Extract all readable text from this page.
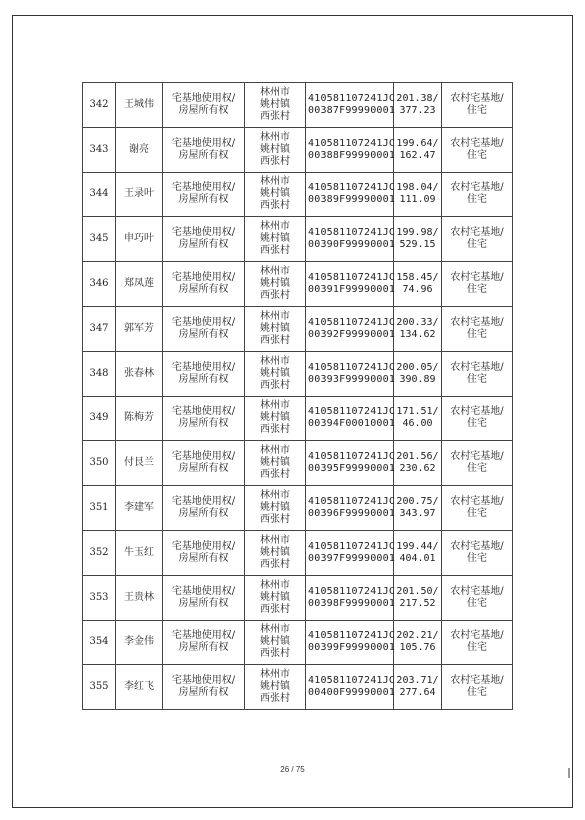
342	王城伟	宅基地使用权/
房屋所有权	林州市
姚村镇
西张村	410581107241JC
00387F99990001	201.38/
377.23	农村宅基地/
住宅

343	谢亮	宅基地使用权/
房屋所有权	林州市
姚村镇
西张村	410581107241JC
00388F99990001	199.64/
162.47	农村宅基地/
住宅

344	王录叶	宅基地使用权/
房屋所有权	林州市
姚村镇
西张村	410581107241JC
00389F99990001	198.04/
111.09	农村宅基地/
住宅

345	申巧叶	宅基地使用权/
房屋所有权	林州市
姚村镇
西张村	410581107241JC
00390F99990001	199.98/
529.15	农村宅基地/
住宅

346	郑凤莲	宅基地使用权/
房屋所有权	林州市
姚村镇
西张村	410581107241JC
00391F99990001	158.45/
74.96	农村宅基地/
住宅

347	郭军芳	宅基地使用权/
房屋所有权	林州市
姚村镇
西张村	410581107241JC
00392F99990001	200.33/
134.62	农村宅基地/
住宅

348	张春林	宅基地使用权/
房屋所有权	林州市
姚村镇
西张村	410581107241JC
00393F99990001	200.05/
390.89	农村宅基地/
住宅

349	陈梅芳	宅基地使用权/
房屋所有权	林州市
姚村镇
西张村	410581107241JC
00394F00010001	171.51/
46.00	农村宅基地/
住宅

350	付艮兰	宅基地使用权/
房屋所有权	林州市
姚村镇
西张村	410581107241JC
00395F99990001	201.56/
230.62	农村宅基地/
住宅

351	李建军	宅基地使用权/
房屋所有权	林州市
姚村镇
西张村	410581107241JC
00396F99990001	200.75/
343.97	农村宅基地/
住宅

352	牛玉红	宅基地使用权/
房屋所有权	林州市
姚村镇
西张村	410581107241JC
00397F99990001	199.44/
404.01	农村宅基地/
住宅

353	王贵林	宅基地使用权/
房屋所有权	林州市
姚村镇
西张村	410581107241JC
00398F99990001	201.50/
217.52	农村宅基地/
住宅

354	李金伟	宅基地使用权/
房屋所有权	林州市
姚村镇
西张村	410581107241JC
00399F99990001	202.21/
105.76	农村宅基地/
住宅

355	李红飞	宅基地使用权/
房屋所有权	林州市
姚村镇
西张村	410581107241JC
00400F99990001	203.71/
277.64	农村宅基地/
住宅
26 / 75
